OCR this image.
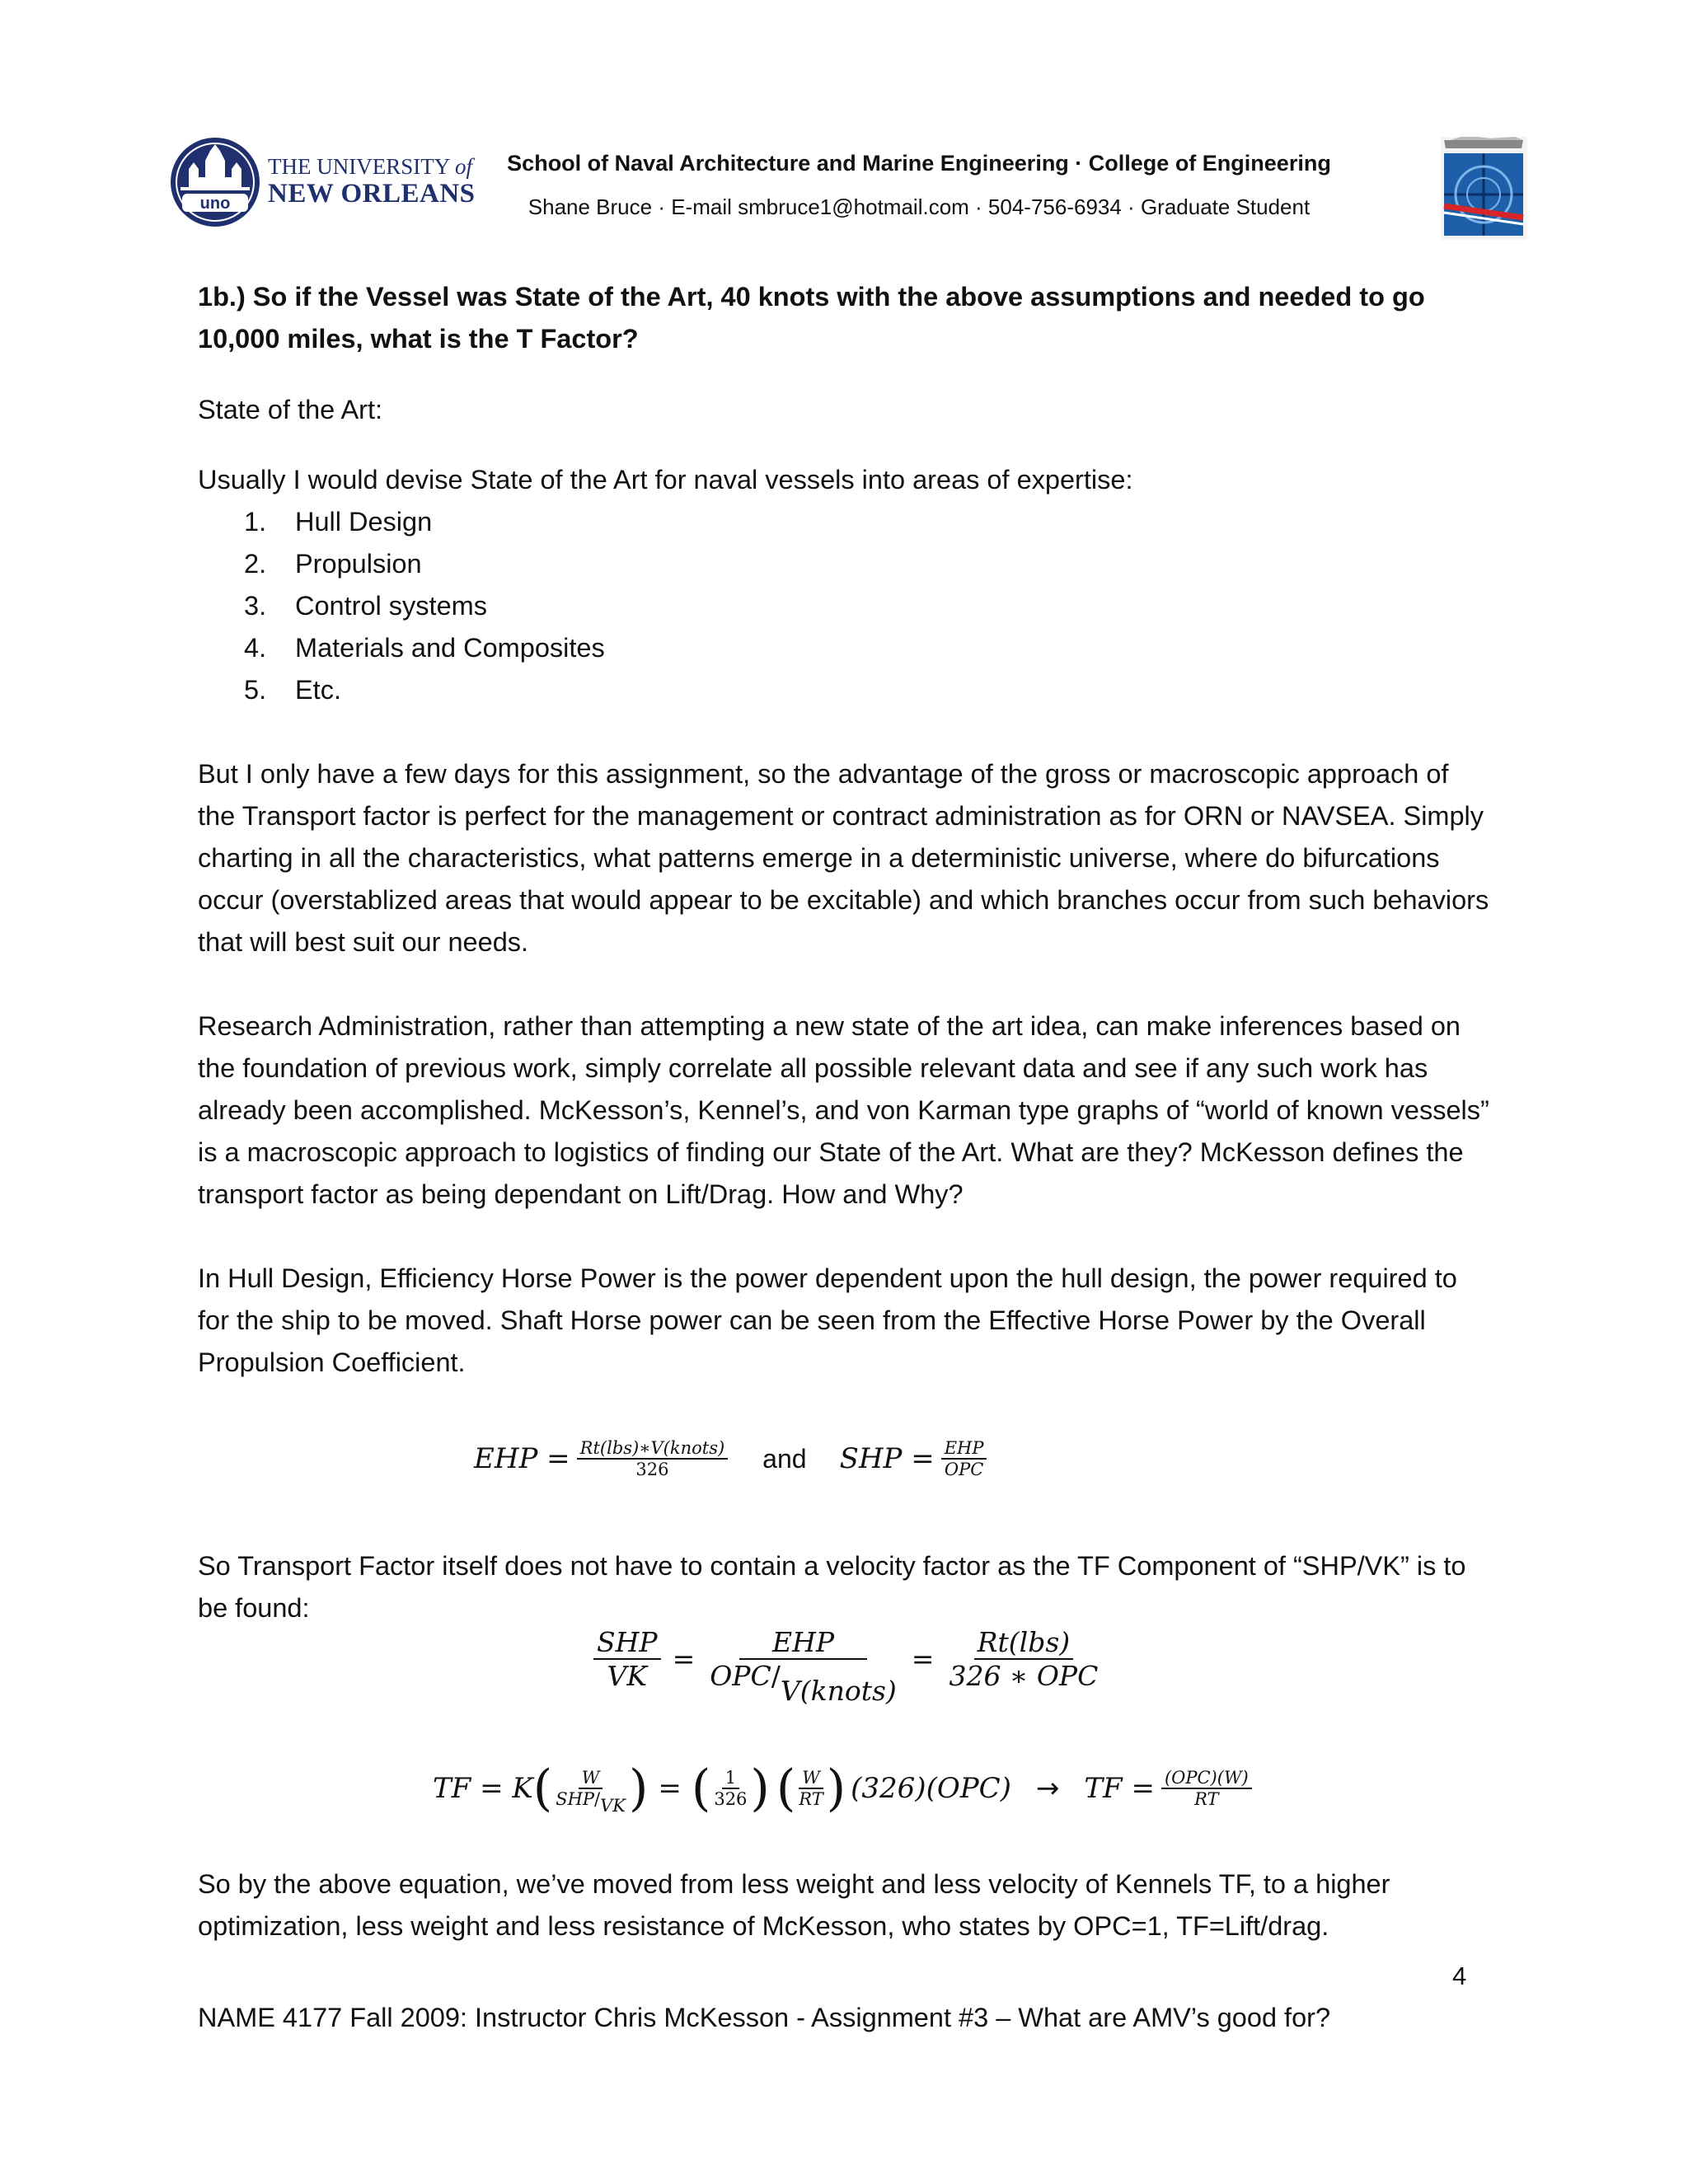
uno
THE UNIVERSITY of
NEW ORLEANS
School of Naval Architecture and Marine Engineering · College of Engineering
Shane Bruce · E-mail smbruce1@hotmail.com · 504-756-6934 · Graduate Student
1b.) So if the Vessel was State of the Art, 40 knots with the above assumptions and needed to go 10,000 miles, what is the T Factor?
State of the Art:
Usually I would devise State of the Art for naval vessels into areas of expertise:
1.	Hull Design
2.	Propulsion
3.	Control systems
4.	Materials and Composites
5.	Etc.
But I only have a few days for this assignment, so the advantage of the gross or macroscopic approach of the Transport factor is perfect for the management or contract administration as for ORN or NAVSEA. Simply charting in all the characteristics, what patterns emerge in a deterministic universe, where do bifurcations occur (overstablized areas that would appear to be excitable) and which branches occur from such behaviors that will best suit our needs.
Research Administration, rather than attempting a new state of the art idea, can make inferences based on the foundation of previous work, simply correlate all possible relevant data and see if any such work has already been accomplished. McKesson’s, Kennel’s, and von Karman type graphs of “world of known vessels” is a macroscopic approach to logistics of finding our State of the Art. What are they? McKesson defines the transport factor as being dependant on Lift/Drag. How and Why?
In Hull Design, Efficiency Horse Power is the power dependent upon the hull design, the power required to for the ship to be moved. Shaft Horse power can be seen from the Effective Horse Power by the Overall Propulsion Coefficient.
EHP = $\frac{\text{Rt(lbs)∗V(knots)}}{326}$ and SHP = $\frac{\text{EHP}}{\text{OPC}}$
So Transport Factor itself does not have to contain a velocity factor as the TF Component of “SHP/VK” is to be found:
$\frac{\text{SHP}}{VK} = \frac{\text{EHP}}{\text{OPC/V(knots)}} = \frac{\text{Rt(lbs)}}{\text{326 ∗ OPC}}$
TF = K ( $\frac{W}{\text{SHP/VK}}$ ) = ( $\frac{1}{326}$ ) ( $\frac{W}{RT}$ ) (326)(OPC) → TF = $\frac{\text{(OPC)(W)}}{RT}$
So by the above equation, we’ve moved from less weight and less velocity of Kennels TF, to a higher optimization, less weight and less resistance of McKesson, who states by OPC=1, TF=Lift/drag.
4
NAME 4177 Fall 2009: Instructor Chris McKesson - Assignment #3 – What are AMV’s good for?
